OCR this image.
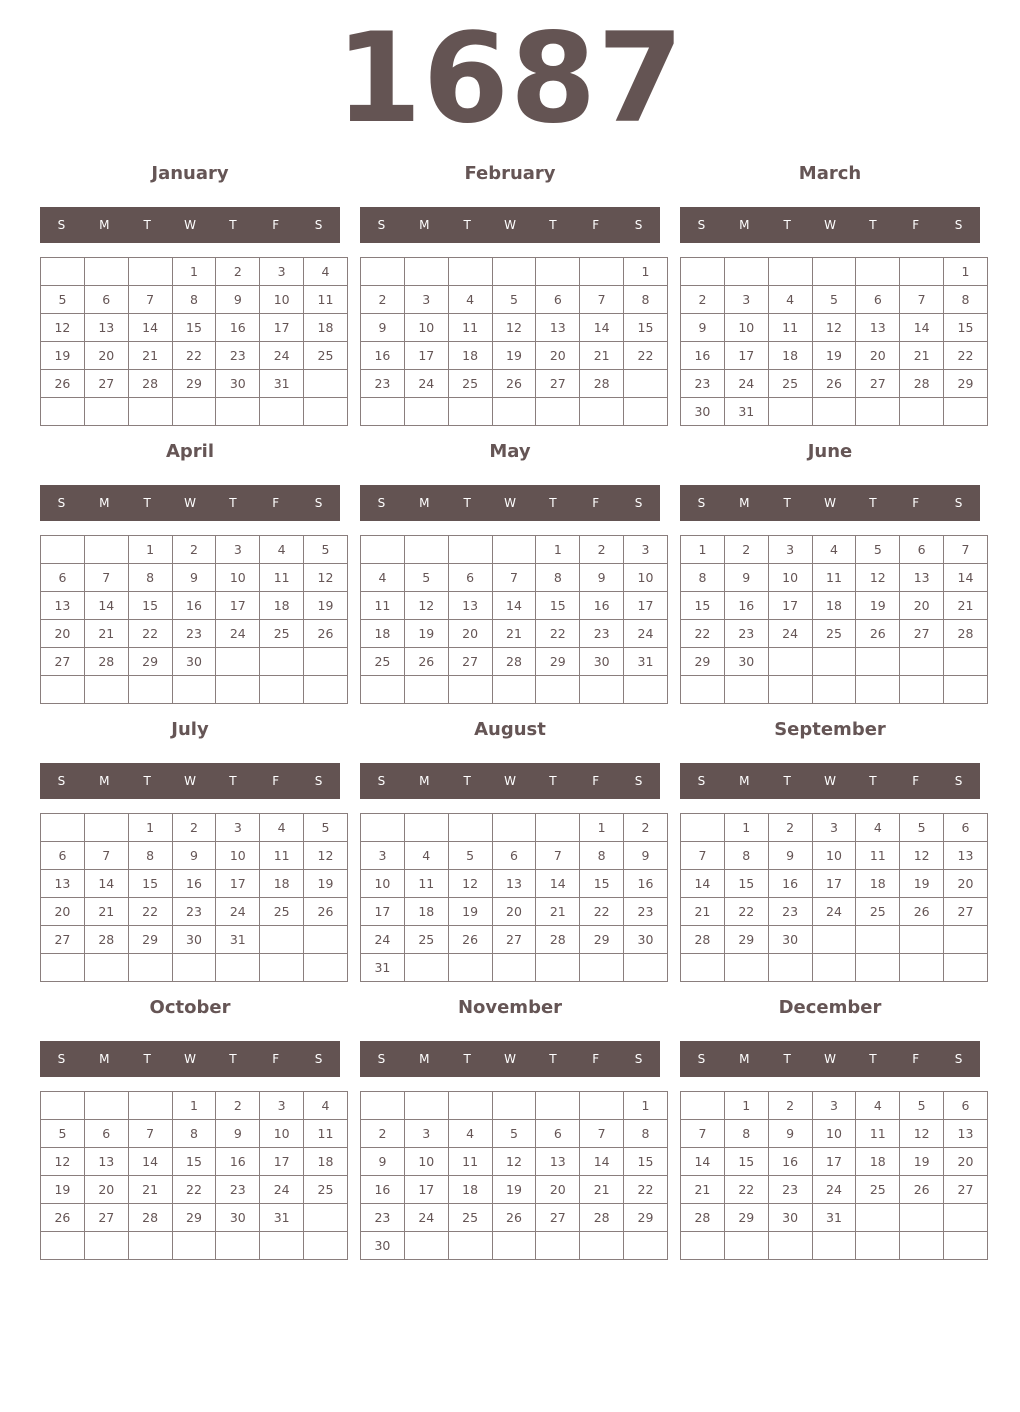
1687
January
S	M	T	W	T	F	S
			1	2	3	4
5	6	7	8	9	10	11
12	13	14	15	16	17	18
19	20	21	22	23	24	25
26	27	28	29	30	31	

February
S	M	T	W	T	F	S
						1
2	3	4	5	6	7	8
9	10	11	12	13	14	15
16	17	18	19	20	21	22
23	24	25	26	27	28	

March
S	M	T	W	T	F	S
						1
2	3	4	5	6	7	8
9	10	11	12	13	14	15
16	17	18	19	20	21	22
23	24	25	26	27	28	29
30	31					
April
S	M	T	W	T	F	S
		1	2	3	4	5
6	7	8	9	10	11	12
13	14	15	16	17	18	19
20	21	22	23	24	25	26
27	28	29	30			

May
S	M	T	W	T	F	S
				1	2	3
4	5	6	7	8	9	10
11	12	13	14	15	16	17
18	19	20	21	22	23	24
25	26	27	28	29	30	31

June
S	M	T	W	T	F	S
1	2	3	4	5	6	7
8	9	10	11	12	13	14
15	16	17	18	19	20	21
22	23	24	25	26	27	28
29	30					

July
S	M	T	W	T	F	S
		1	2	3	4	5
6	7	8	9	10	11	12
13	14	15	16	17	18	19
20	21	22	23	24	25	26
27	28	29	30	31		

August
S	M	T	W	T	F	S
					1	2
3	4	5	6	7	8	9
10	11	12	13	14	15	16
17	18	19	20	21	22	23
24	25	26	27	28	29	30
31						
September
S	M	T	W	T	F	S
	1	2	3	4	5	6
7	8	9	10	11	12	13
14	15	16	17	18	19	20
21	22	23	24	25	26	27
28	29	30				

October
S	M	T	W	T	F	S
			1	2	3	4
5	6	7	8	9	10	11
12	13	14	15	16	17	18
19	20	21	22	23	24	25
26	27	28	29	30	31	

November
S	M	T	W	T	F	S
						1
2	3	4	5	6	7	8
9	10	11	12	13	14	15
16	17	18	19	20	21	22
23	24	25	26	27	28	29
30						
December
S	M	T	W	T	F	S
	1	2	3	4	5	6
7	8	9	10	11	12	13
14	15	16	17	18	19	20
21	22	23	24	25	26	27
28	29	30	31			
